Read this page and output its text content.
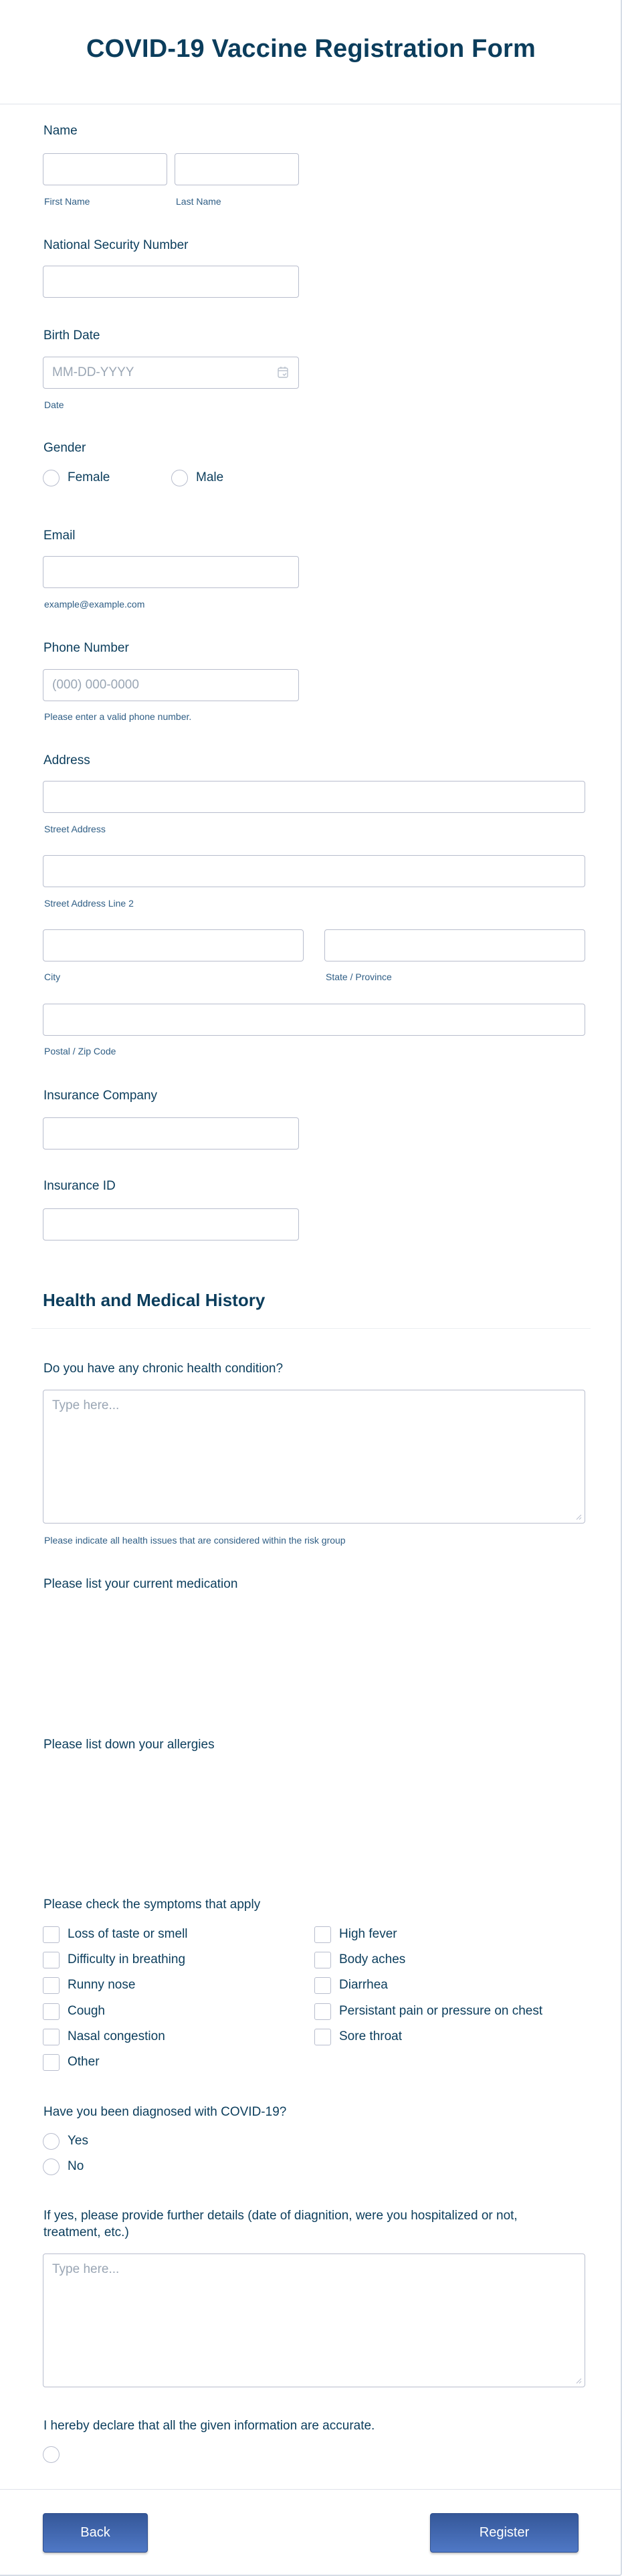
COVID-19 Vaccine Registration Form
Name
First Name	Last Name
National Security Number
Birth Date
MM-DD-YYYY
Date
Gender
Female	Male
Email
example@example.com
Phone Number
(000) 000-0000
Please enter a valid phone number.
Address
Street Address
Street Address Line 2
City	State / Province
Postal / Zip Code
Insurance Company
Insurance ID
Health and Medical History
Do you have any chronic health condition?
Type here...
Please indicate all health issues that are considered within the risk group
Please list your current medication
Please list down your allergies
Please check the symptoms that apply
Loss of taste or smell
Difficulty in breathing
Runny nose
Cough
Nasal congestion
Other
High fever
Body aches
Diarrhea
Persistant pain or pressure on chest
Sore throat
Have you been diagnosed with COVID-19?
Yes
No
If yes, please provide further details (date of diagnition, were you hospitalized or not,
treatment, etc.)
Type here...
I hereby declare that all the given information are accurate.
Back	Register
